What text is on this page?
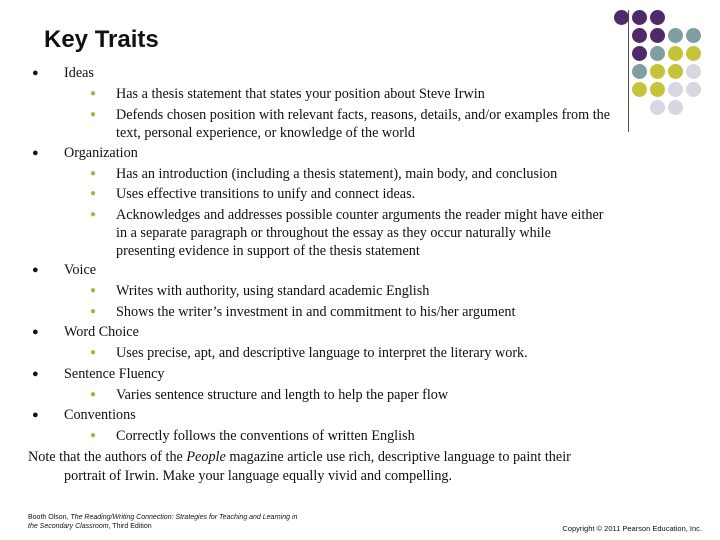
Key Traits
● Ideas
● Has a thesis statement that states your position about Steve Irwin
● Defends chosen position with relevant facts, reasons, details, and/or examples from the
text, personal experience, or knowledge of the world
● Organization
● Has an introduction (including a thesis statement), main body, and conclusion
● Uses effective transitions to unify and connect ideas.
● Acknowledges and addresses possible counter arguments the reader might have either
in a separate paragraph or throughout the essay as they occur naturally while
presenting evidence in support of the thesis statement
● Voice
● Writes with authority, using standard academic English
● Shows the writer’s investment in and commitment to his/her argument
● Word Choice
● Uses precise, apt, and descriptive language to interpret the literary work.
● Sentence Fluency
● Varies sentence structure and length to help the paper flow
● Conventions
● Correctly follows the conventions of written English
Note that the authors of the People magazine article use rich, descriptive language to paint their
portrait of Irwin. Make your language equally vivid and compelling.
Booth Olson, The Reading/Writing Connection: Strategies for Teaching and Learning in
the Secondary Classroom, Third Edition	Copyright © 2011 Pearson Education, Inc.
